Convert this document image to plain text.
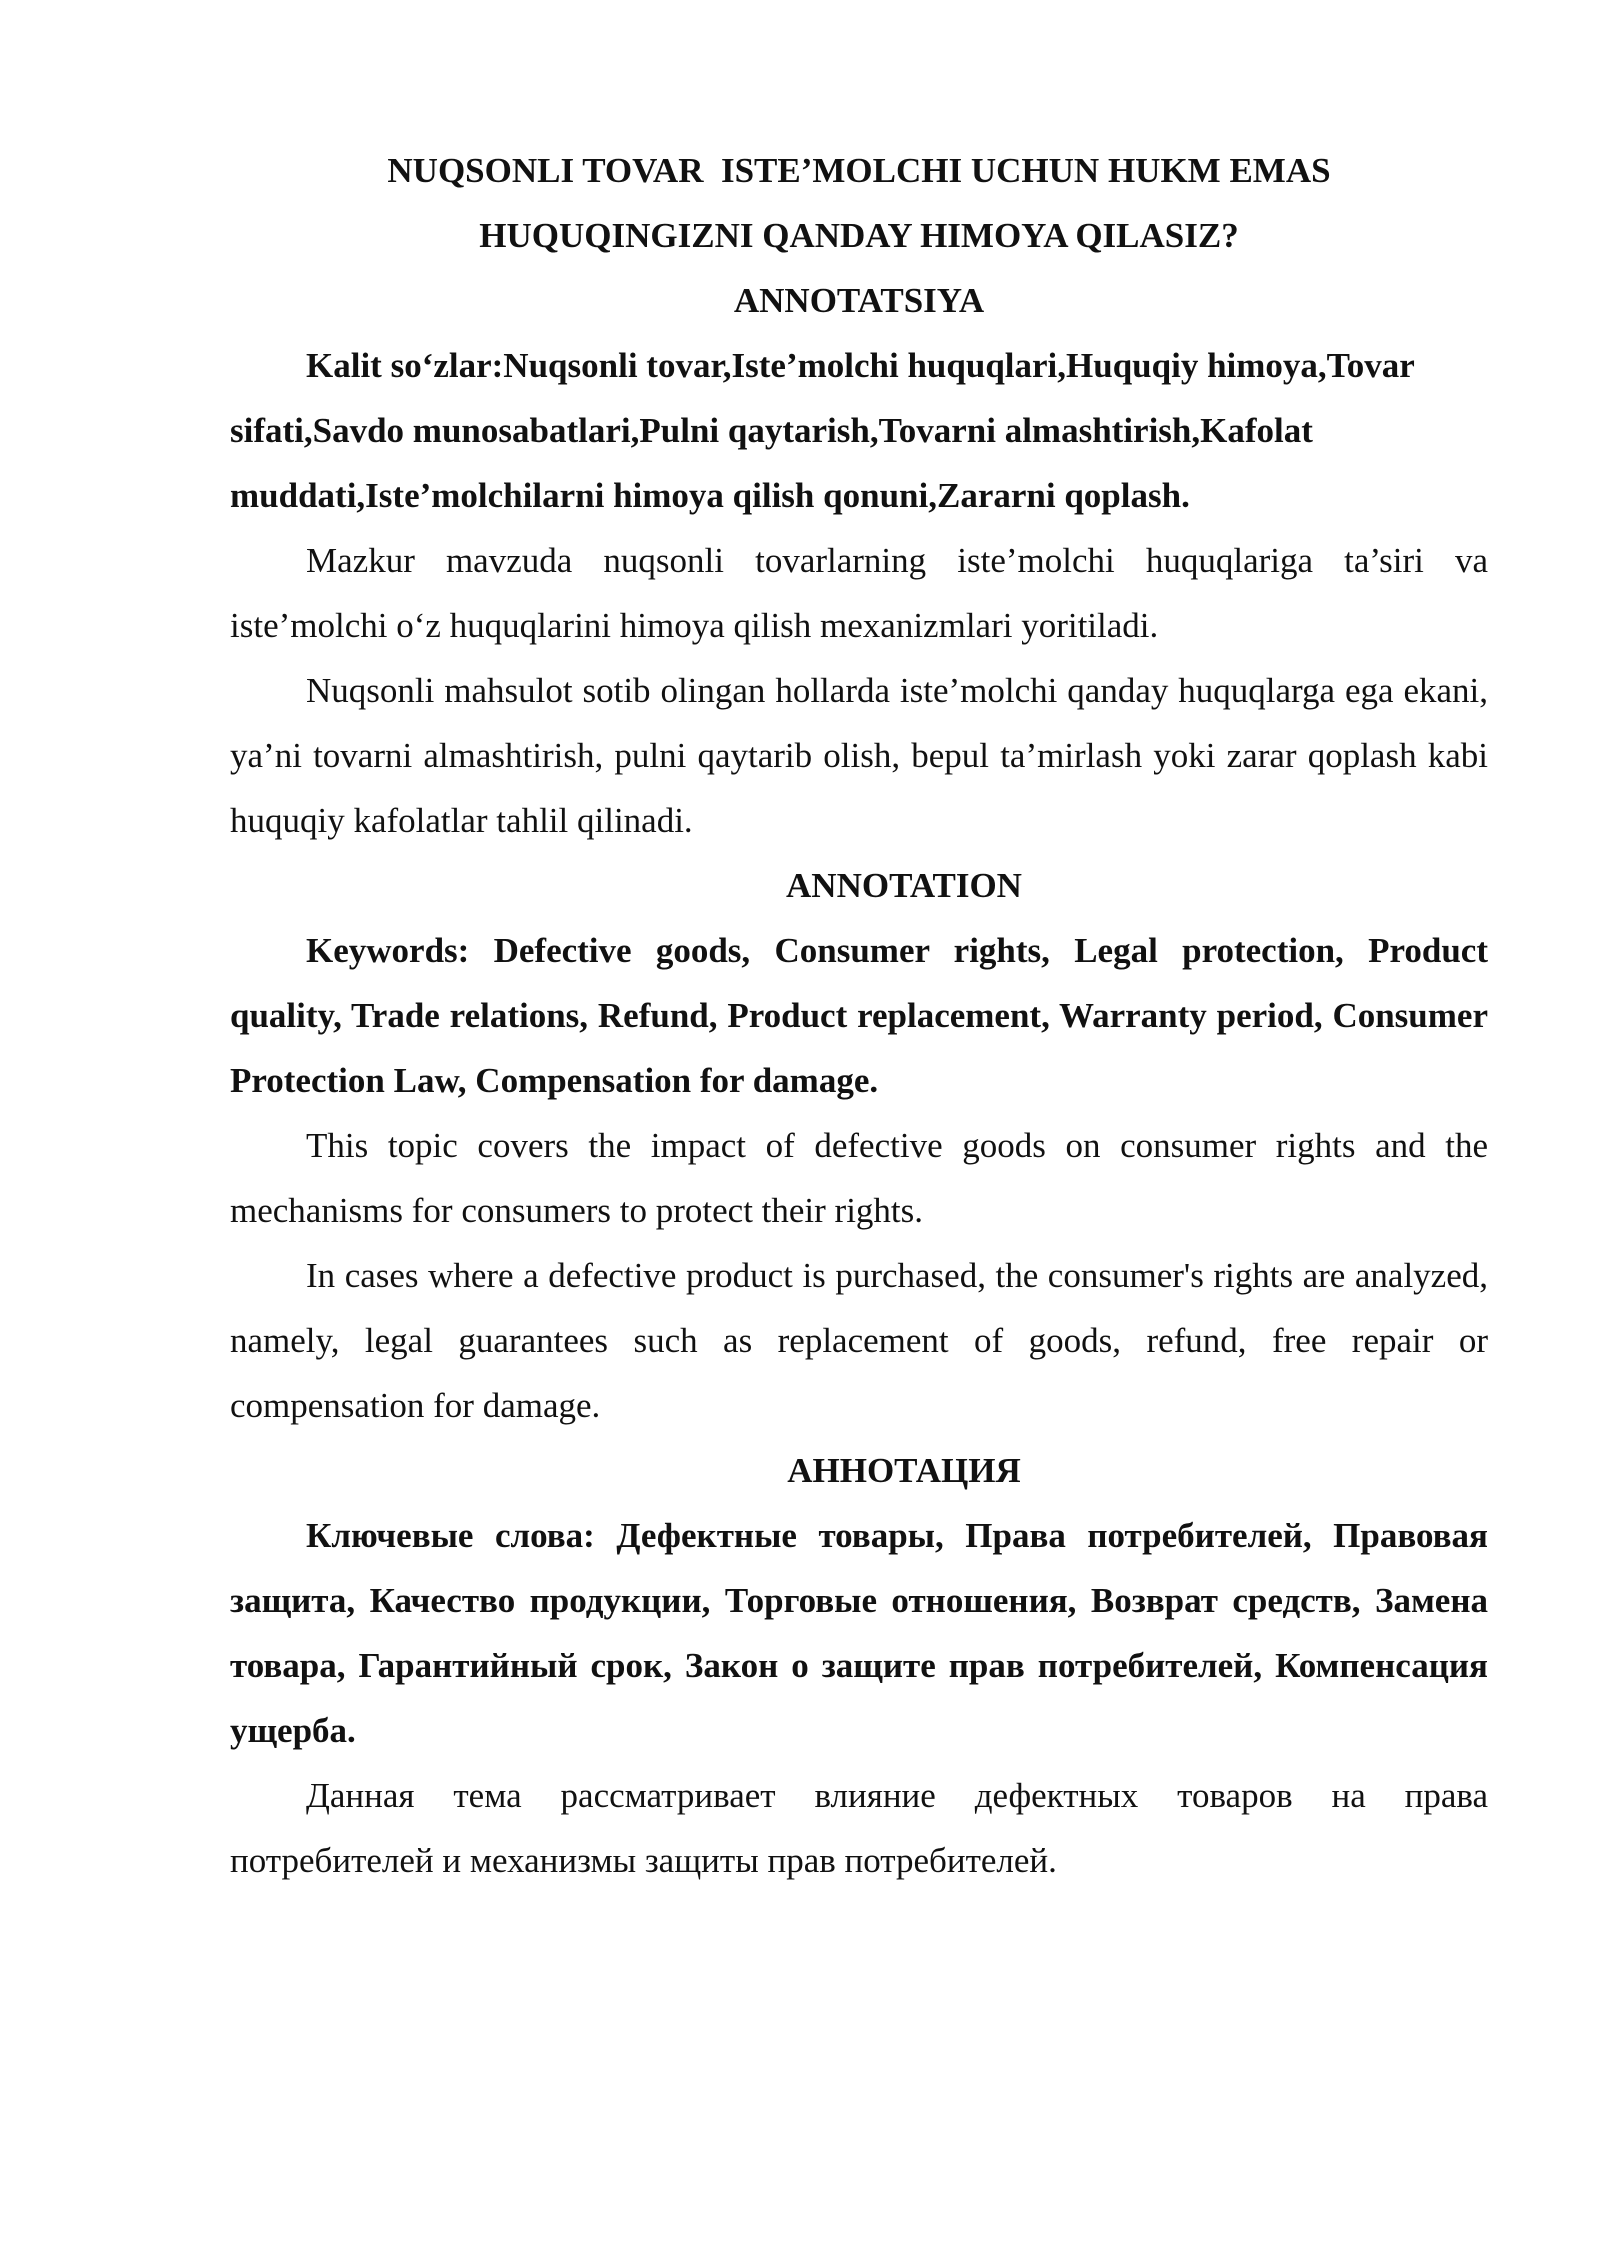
NUQSONLI TOVAR  ISTE’MOLCHI UCHUN HUKM EMAS
HUQUQINGIZNI QANDAY HIMOYA QILASIZ?
ANNOTATSIYA

Kalit so‘zlar:Nuqsonli tovar,Iste’molchi huquqlari,Huquqiy himoya,Tovar sifati,Savdo munosabatlari,Pulni qaytarish,Tovarni almashtirish,Kafolat muddati,Iste’molchilarni himoya qilish qonuni,Zararni qoplash.

Mazkur mavzuda nuqsonli tovarlarning iste’molchi huquqlariga ta’siri va iste’molchi o‘z huquqlarini himoya qilish mexanizmlari yoritiladi.

Nuqsonli mahsulot sotib olingan hollarda iste’molchi qanday huquqlarga ega ekani, ya’ni tovarni almashtirish, pulni qaytarib olish, bepul ta’mirlash yoki zarar qoplash kabi huquqiy kafolatlar tahlil qilinadi.

ANNOTATION

Keywords: Defective goods, Consumer rights, Legal protection, Product quality, Trade relations, Refund, Product replacement, Warranty period, Consumer Protection Law, Compensation for damage.

This topic covers the impact of defective goods on consumer rights and the mechanisms for consumers to protect their rights.

In cases where a defective product is purchased, the consumer's rights are analyzed, namely, legal guarantees such as replacement of goods, refund, free repair or compensation for damage.

АННОТАЦИЯ

Ключевые слова: Дефектные товары, Права потребителей, Правовая защита, Качество продукции, Торговые отношения, Возврат средств, Замена товара, Гарантийный срок, Закон о защите прав потребителей, Компенсация ущерба.

Данная тема рассматривает влияние дефектных товаров на права потребителей и механизмы защиты прав потребителей.
